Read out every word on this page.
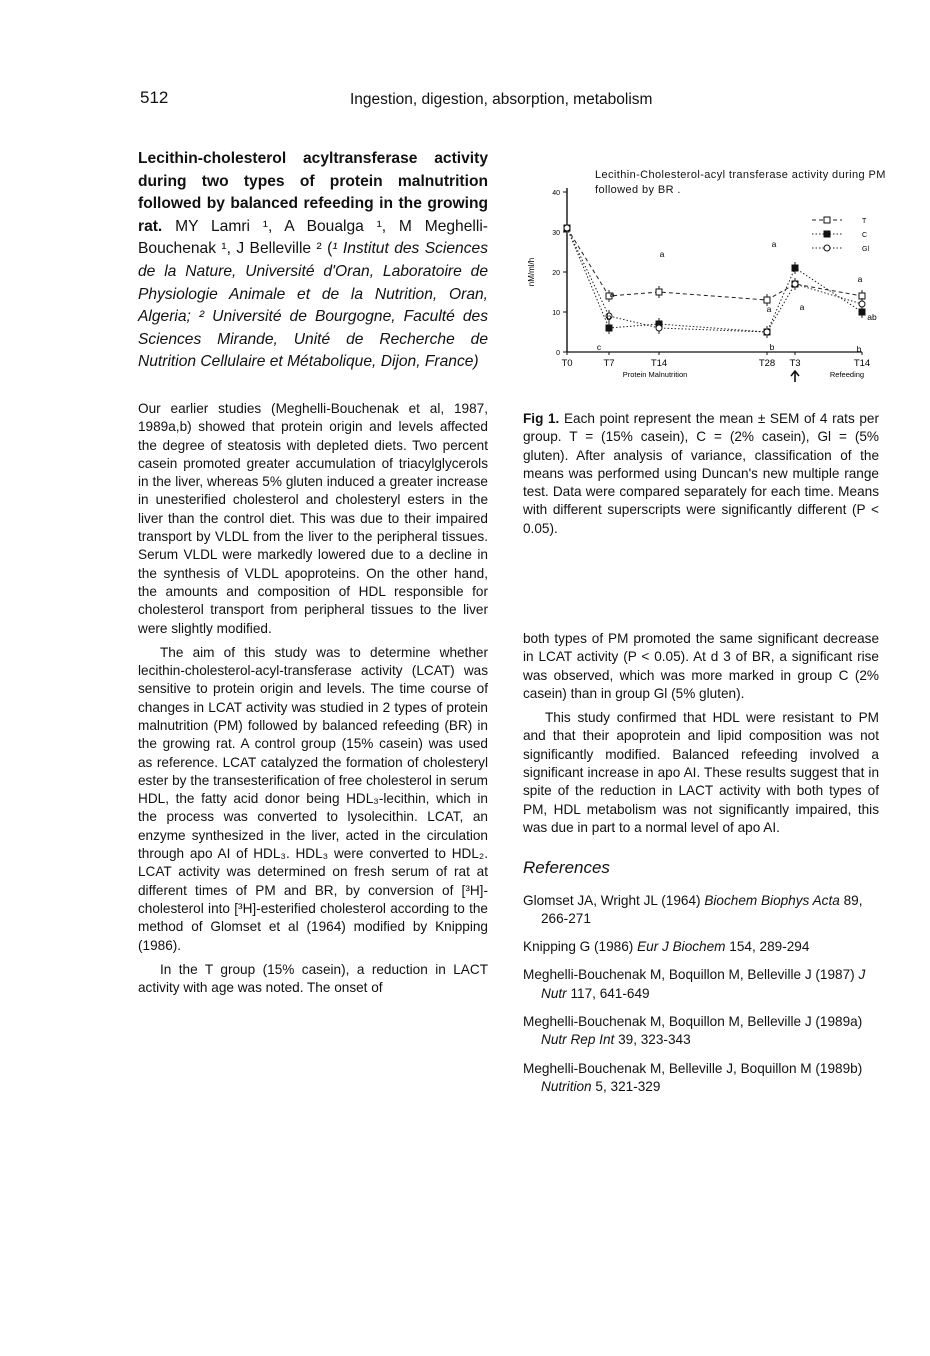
512	Ingestion, digestion, absorption, metabolism

Lecithin-cholesterol acyltransferase activity during two types of protein malnutrition followed by balanced refeeding in the growing rat. MY Lamri ¹, A Boualga ¹, M Meghelli-Bouchenak ¹, J Belleville ² (¹ Institut des Sciences de la Nature, Université d'Oran, Laboratoire de Physiologie Animale et de la Nutrition, Oran, Algeria; ² Université de Bourgogne, Faculté des Sciences Mirande, Unité de Recherche de Nutrition Cellulaire et Métabolique, Dijon, France)

Our earlier studies (Meghelli-Bouchenak et al, 1987, 1989a,b) showed that protein origin and levels affected the degree of steatosis with depleted diets. Two percent casein promoted greater accumulation of triacylglycerols in the liver, whereas 5% gluten induced a greater increase in unesterified cholesterol and cholesteryl esters in the liver than the control diet. This was due to their impaired transport by VLDL from the liver to the peripheral tissues. Serum VLDL were markedly lowered due to a decline in the synthesis of VLDL apoproteins. On the other hand, the amounts and composition of HDL responsible for cholesterol transport from peripheral tissues to the liver were slightly modified.

The aim of this study was to determine whether lecithin-cholesterol-acyl-transferase activity (LCAT) was sensitive to protein origin and levels. The time course of changes in LCAT activity was studied in 2 types of protein malnutrition (PM) followed by balanced refeeding (BR) in the growing rat. A control group (15% casein) was used as reference. LCAT catalyzed the formation of cholesteryl ester by the transesterification of free cholesterol in serum HDL, the fatty acid donor being HDL₃-lecithin, which in the process was converted to lysolecithin. LCAT, an enzyme synthesized in the liver, acted in the circulation through apo AI of HDL₃. HDL₃ were converted to HDL₂. LCAT activity was determined on fresh serum of rat at different times of PM and BR, by conversion of [³H]-cholesterol into [³H]-esterified cholesterol according to the method of Glomset et al (1964) modified by Knipping (1986).

In the T group (15% casein), a reduction in LACT activity with age was noted. The onset of

Lecithin-Cholesterol-acyl transferase activity during PM followed by BR .
40
30
20
10
0
nM/ml/h
T0	T7	T14	T28 T3	T14
Protein Malnutrition	Refeeding
T
C
Gl
a
a
b
c
a
a
b
a
a
ab
b
Fig 1. Each point represent the mean ± SEM of 4 rats per group. T = (15% casein), C = (2% casein), Gl = (5% gluten). After analysis of variance, classification of the means was performed using Duncan's new multiple range test. Data were compared separately for each time. Means with different superscripts were significantly different (P < 0.05).

both types of PM promoted the same significant decrease in LCAT activity (P < 0.05). At d 3 of BR, a significant rise was observed, which was more marked in group C (2% casein) than in group Gl (5% gluten).

This study confirmed that HDL were resistant to PM and that their apoprotein and lipid composition was not significantly modified. Balanced refeeding involved a significant increase in apo AI. These results suggest that in spite of the reduction in LACT activity with both types of PM, HDL metabolism was not significantly impaired, this was due in part to a normal level of apo AI.

References
Glomset JA, Wright JL (1964) Biochem Biophys Acta 89, 266-271
Knipping G (1986) Eur J Biochem 154, 289-294
Meghelli-Bouchenak M, Boquillon M, Belleville J (1987) J Nutr 117, 641-649
Meghelli-Bouchenak M, Boquillon M, Belleville J (1989a) Nutr Rep Int 39, 323-343
Meghelli-Bouchenak M, Belleville J, Boquillon M (1989b) Nutrition 5, 321-329
